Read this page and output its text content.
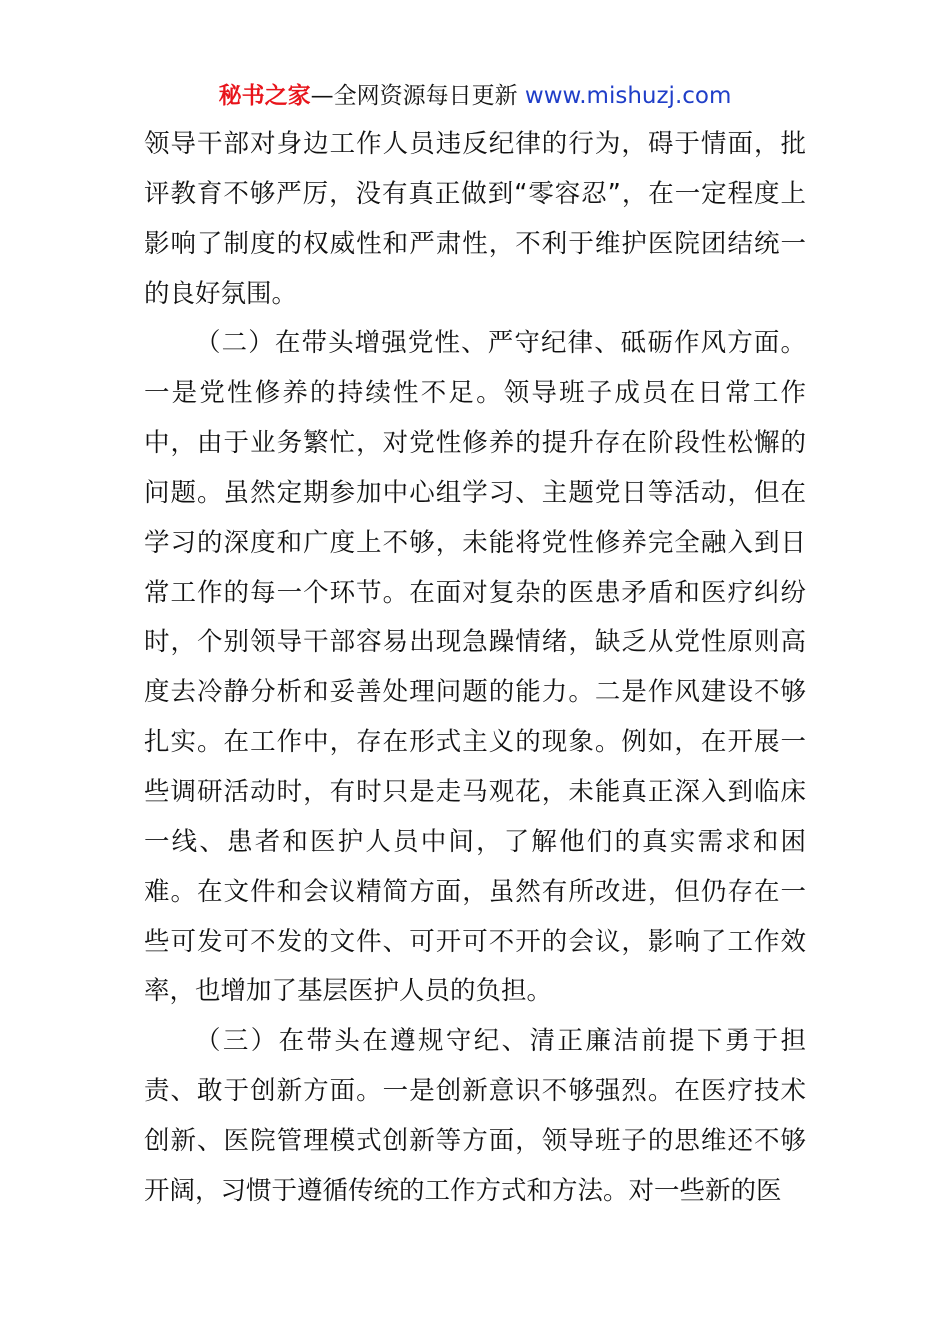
秘书之家—全网资源每日更新 www.mishuzj.com

领导干部对身边工作人员违反纪律的行为，碍于情面，批评教育不够严厉，没有真正做到“零容忍”，在一定程度上影响了制度的权威性和严肃性，不利于维护医院团结统一的良好氛围。

（二）在带头增强党性、严守纪律、砥砺作风方面。一是党性修养的持续性不足。领导班子成员在日常工作中，由于业务繁忙，对党性修养的提升存在阶段性松懈的问题。虽然定期参加中心组学习、主题党日等活动，但在学习的深度和广度上不够，未能将党性修养完全融入到日常工作的每一个环节。在面对复杂的医患矛盾和医疗纠纷时，个别领导干部容易出现急躁情绪，缺乏从党性原则高度去冷静分析和妥善处理问题的能力。二是作风建设不够扎实。在工作中，存在形式主义的现象。例如，在开展一些调研活动时，有时只是走马观花，未能真正深入到临床一线、患者和医护人员中间，了解他们的真实需求和困难。在文件和会议精简方面，虽然有所改进，但仍存在一些可发可不发的文件、可开可不开的会议，影响了工作效率，也增加了基层医护人员的负担。

（三）在带头在遵规守纪、清正廉洁前提下勇于担责、敢于创新方面。一是创新意识不够强烈。在医疗技术创新、医院管理模式创新等方面，领导班子的思维还不够开阔，习惯于遵循传统的工作方式和方法。对一些新的医
